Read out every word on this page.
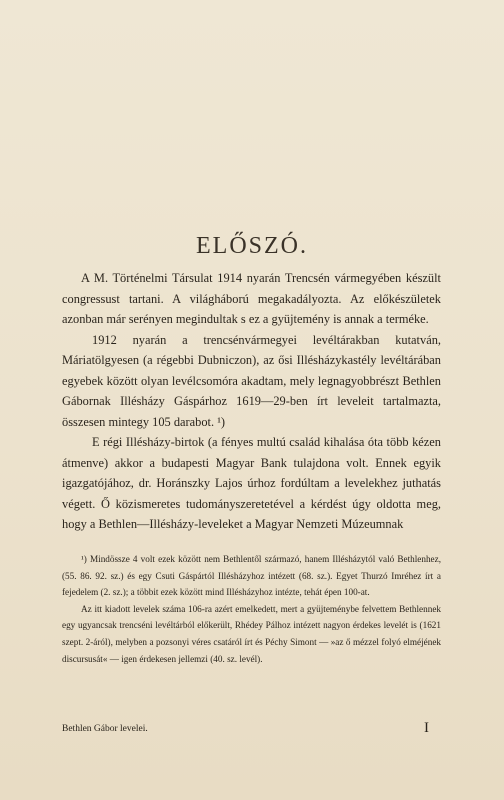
ELŐSZÓ.

A M. Történelmi Társulat 1914 nyarán Trencsén vármegyében készült congressust tartani. A világháború megakadályozta. Az előkészületek azonban már serényen megindultak s ez a gyüjtemény is annak a terméke.

1912 nyarán a trencsénvármegyei levéltárakban kutatván, Máriatölgyesen (a régebbi Dubniczon), az ősi Illésházykastély levéltárában egyebek között olyan levélcsomóra akadtam, mely legnagyobbrészt Bethlen Gábornak Illésházy Gáspárhoz 1619—29-ben írt leveleit tartalmazta, összesen mintegy 105 darabot. ¹)

E régi Illésházy-birtok (a fényes multú család kihalása óta több kézen átmenve) akkor a budapesti Magyar Bank tulajdona volt. Ennek egyik igazgatójához, dr. Horánszky Lajos úrhoz fordúltam a levelekhez juthatás végett. Ő közismeretes tudományszeretetével a kérdést úgy oldotta meg, hogy a Bethlen—Illésházy-leveleket a Magyar Nemzeti Múzeumnak

¹) Mindössze 4 volt ezek között nem Bethlentől származó, hanem Illésházytól való Bethlenhez, (55. 86. 92. sz.) és egy Csuti Gáspártól Illésházyhoz intézett (68. sz.). Egyet Thurzó Imréhez írt a fejedelem (2. sz.); a többit ezek között mind Illésházyhoz intézte, tehát épen 100-at.

Az itt kiadott levelek száma 106-ra azért emelkedett, mert a gyüjteménybe felvettem Bethlennek egy ugyancsak trencséni levéltárból előkerült, Rhédey Pálhoz intézett nagyon érdekes levelét is (1621 szept. 2-áról), melyben a pozsonyi véres csatáról írt és Péchy Simont — »az ő mézzel folyó elméjének discursusát« — igen érdekesen jellemzi (40. sz. levél).

Bethlen Gábor levelei.	I
